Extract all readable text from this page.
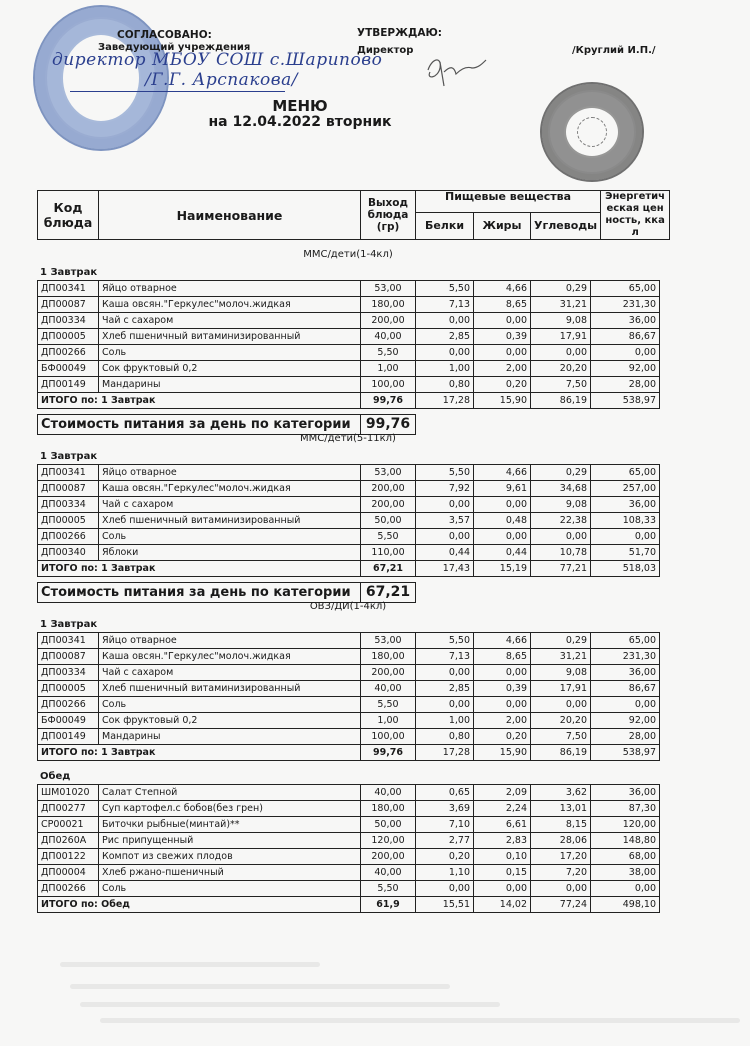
СОГЛАСОВАНО:
Заведующий учреждения
директор МБОУ СОШ с.Шарипово
/Г.Г. Арспакова/
УТВЕРЖДАЮ:
Директор	/Круглий И.П./
МЕНЮ
на 12.04.2022 вторник
Код блюда	Наименование	Выход блюда (гр)	Пищевые вещества			Энергетическая ценность, ккал
			Белки	Жиры	Углеводы	
ММС/дети(1-4кл)
1 Завтрак
ДП00341	Яйцо отварное	53,00	5,50	4,66	0,29	65,00
ДП00087	Каша овсян."Геркулес"молоч.жидкая	180,00	7,13	8,65	31,21	231,30
ДП00334	Чай с сахаром	200,00	0,00	0,00	9,08	36,00
ДП00005	Хлеб пшеничный витаминизированный	40,00	2,85	0,39	17,91	86,67
ДП00266	Соль	5,50	0,00	0,00	0,00	0,00
БФ00049	Сок фруктовый 0,2	1,00	1,00	2,00	20,20	92,00
ДП00149	Мандарины	100,00	0,80	0,20	7,50	28,00
ИТОГО по: 1 Завтрак		99,76	17,28	15,90	86,19	538,97
Стоимость питания за день по категории	99,76
ММС/дети(5-11кл)
1 Завтрак
ДП00341	Яйцо отварное	53,00	5,50	4,66	0,29	65,00
ДП00087	Каша овсян."Геркулес"молоч.жидкая	200,00	7,92	9,61	34,68	257,00
ДП00334	Чай с сахаром	200,00	0,00	0,00	9,08	36,00
ДП00005	Хлеб пшеничный витаминизированный	50,00	3,57	0,48	22,38	108,33
ДП00266	Соль	5,50	0,00	0,00	0,00	0,00
ДП00340	Яблоки	110,00	0,44	0,44	10,78	51,70
ИТОГО по: 1 Завтрак		67,21	17,43	15,19	77,21	518,03
Стоимость питания за день по категории	67,21
ОВЗ/ДИ(1-4кл)
1 Завтрак
ДП00341	Яйцо отварное	53,00	5,50	4,66	0,29	65,00
ДП00087	Каша овсян."Геркулес"молоч.жидкая	180,00	7,13	8,65	31,21	231,30
ДП00334	Чай с сахаром	200,00	0,00	0,00	9,08	36,00
ДП00005	Хлеб пшеничный витаминизированный	40,00	2,85	0,39	17,91	86,67
ДП00266	Соль	5,50	0,00	0,00	0,00	0,00
БФ00049	Сок фруктовый 0,2	1,00	1,00	2,00	20,20	92,00
ДП00149	Мандарины	100,00	0,80	0,20	7,50	28,00
ИТОГО по: 1 Завтрак		99,76	17,28	15,90	86,19	538,97
Обед
ШМ01020	Салат Степной	40,00	0,65	2,09	3,62	36,00
ДП00277	Суп картофел.с бобов(без грен)	180,00	3,69	2,24	13,01	87,30
СР00021	Биточки рыбные(минтай)**	50,00	7,10	6,61	8,15	120,00
ДП0260А	Рис припущенный	120,00	2,77	2,83	28,06	148,80
ДП00122	Компот из свежих плодов	200,00	0,20	0,10	17,20	68,00
ДП00004	Хлеб ржано-пшеничный	40,00	1,10	0,15	7,20	38,00
ДП00266	Соль	5,50	0,00	0,00	0,00	0,00
ИТОГО по: Обед		61,9	15,51	14,02	77,24	498,10
